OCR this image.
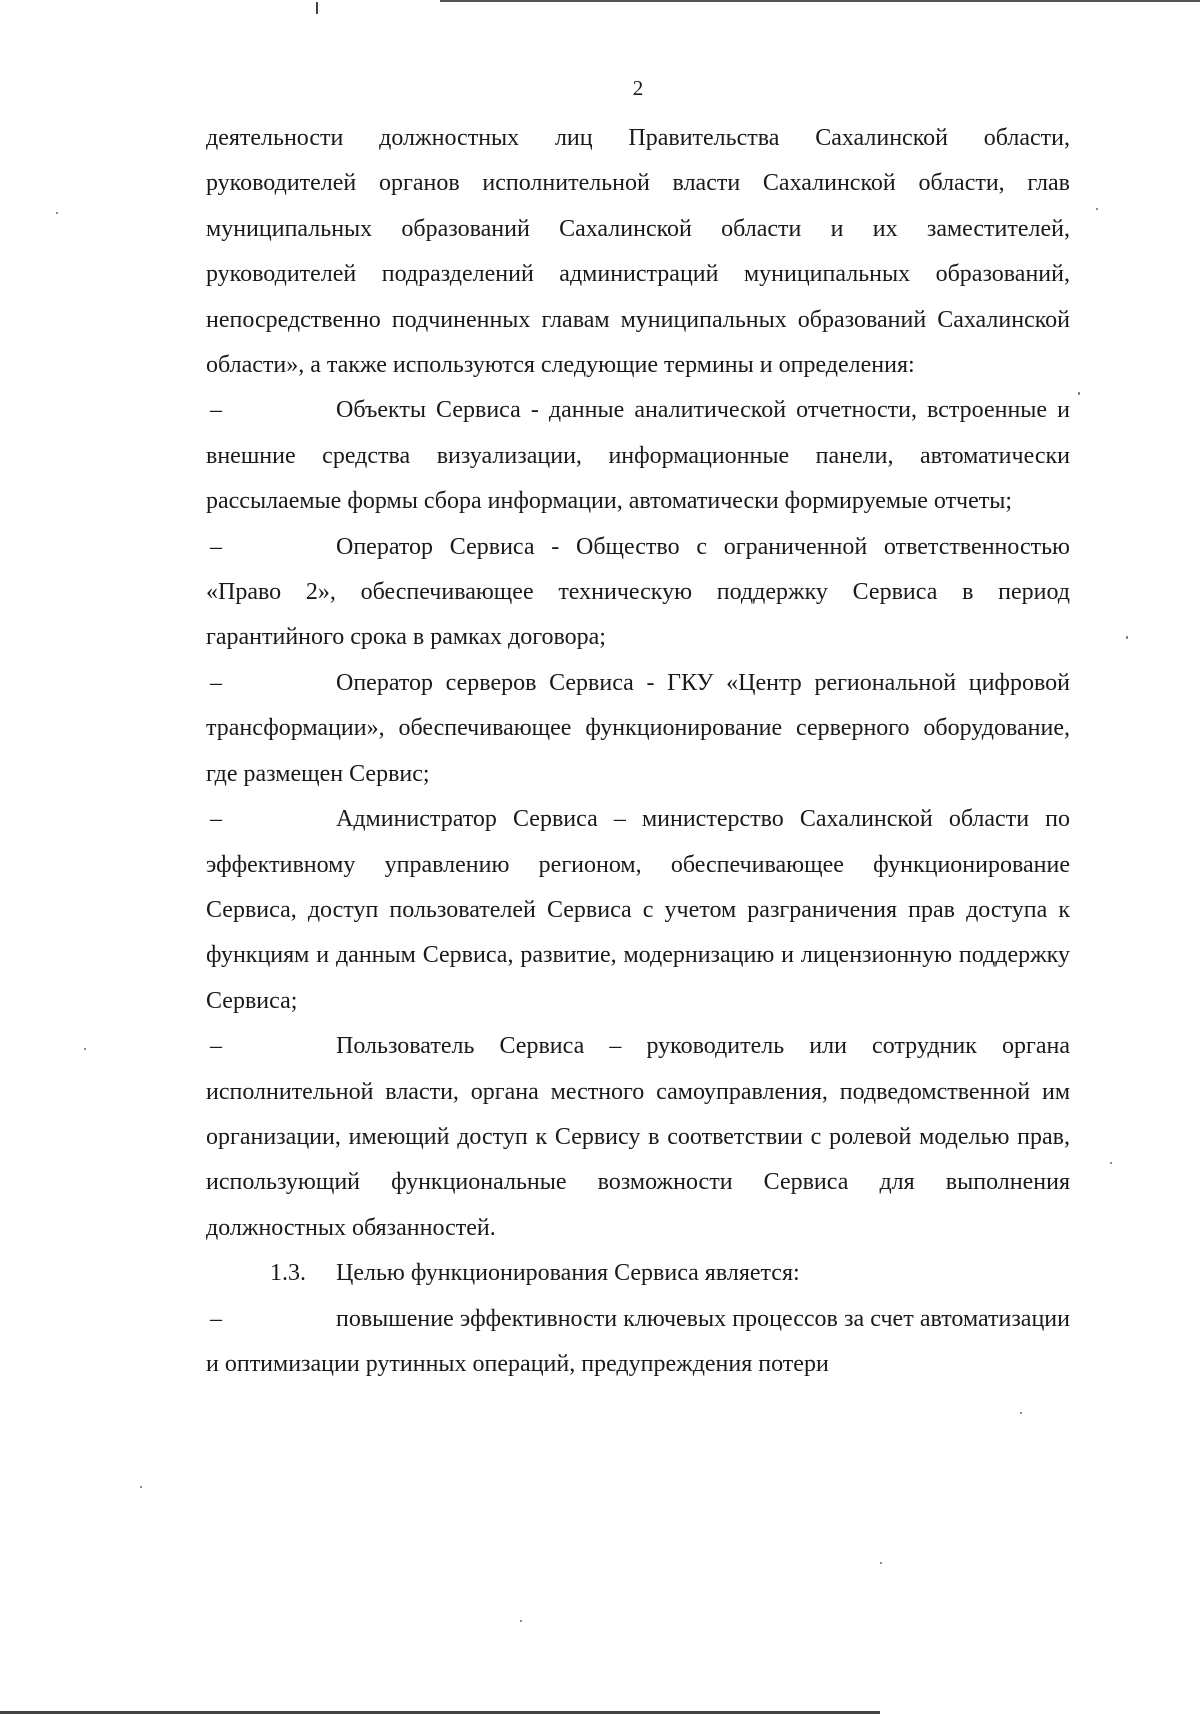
2

деятельности должностных лиц Правительства Сахалинской области, руководителей органов исполнительной власти Сахалинской области, глав муниципальных образований Сахалинской области и их заместителей, руководителей подразделений администраций муниципальных образований, непосредственно подчиненных главам муниципальных образований Сахалинской области», а также используются следующие термины и определения:

–	Объекты Сервиса - данные аналитической отчетности, встроенные и внешние средства визуализации, информационные панели, автоматически рассылаемые формы сбора информации, автоматически формируемые отчеты;

–	Оператор Сервиса - Общество с ограниченной ответственностью «Право 2», обеспечивающее техническую поддержку Сервиса в период гарантийного срока в рамках договора;

–	Оператор серверов Сервиса - ГКУ «Центр региональной цифровой трансформации», обеспечивающее функционирование серверного оборудование, где размещен Сервис;

–	Администратор Сервиса – министерство Сахалинской области по эффективному управлению регионом, обеспечивающее функционирование Сервиса, доступ пользователей Сервиса с учетом разграничения прав доступа к функциям и данным Сервиса, развитие, модернизацию и лицензионную поддержку Сервиса;

–	Пользователь Сервиса – руководитель или сотрудник органа исполнительной власти, органа местного самоуправления, подведомственной им организации, имеющий доступ к Сервису в соответствии с ролевой моделью прав, использующий функциональные возможности Сервиса для выполнения должностных обязанностей.

1.3. Целью функционирования Сервиса является:

–	повышение эффективности ключевых процессов за счет автоматизации и оптимизации рутинных операций, предупреждения потери
